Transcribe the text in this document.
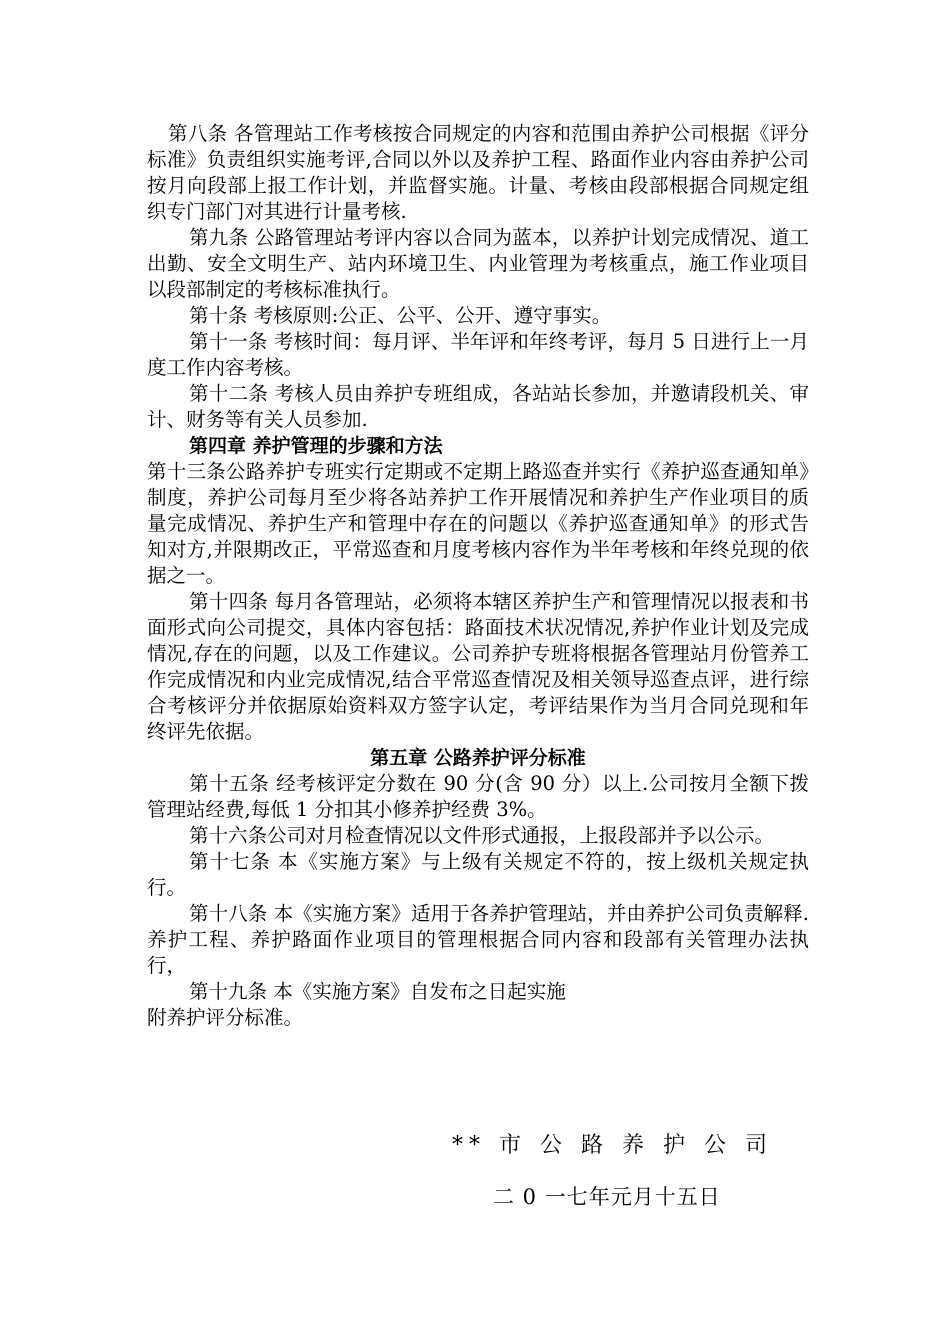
第八条 各管理站工作考核按合同规定的内容和范围由养护公司根据《评分标准》负责组织实施考评,合同以外以及养护工程、路面作业内容由养护公司按月向段部上报工作计划，并监督实施。计量、考核由段部根据合同规定组织专门部门对其进行计量考核.

第九条 公路管理站考评内容以合同为蓝本，以养护计划完成情况、道工出勤、安全文明生产、站内环境卫生、内业管理为考核重点，施工作业项目以段部制定的考核标准执行。

第十条 考核原则:公正、公平、公开、遵守事实。

第十一条 考核时间：每月评、半年评和年终考评，每月 5 日进行上一月度工作内容考核。

第十二条 考核人员由养护专班组成，各站站长参加，并邀请段机关、审计、财务等有关人员参加.

第四章 养护管理的步骤和方法

第十三条公路养护专班实行定期或不定期上路巡查并实行《养护巡查通知单》制度，养护公司每月至少将各站养护工作开展情况和养护生产作业项目的质量完成情况、养护生产和管理中存在的问题以《养护巡查通知单》的形式告知对方,并限期改正，平常巡查和月度考核内容作为半年考核和年终兑现的依据之一。

第十四条 每月各管理站，必须将本辖区养护生产和管理情况以报表和书面形式向公司提交，具体内容包括：路面技术状况情况,养护作业计划及完成情况,存在的问题，以及工作建议。公司养护专班将根据各管理站月份管养工作完成情况和内业完成情况,结合平常巡查情况及相关领导巡查点评，进行综合考核评分并依据原始资料双方签字认定，考评结果作为当月合同兑现和年终评先依据。

第五章 公路养护评分标准

第十五条 经考核评定分数在 90 分(含 90 分）以上.公司按月全额下拨管理站经费,每低 1 分扣其小修养护经费 3%。

第十六条公司对月检查情况以文件形式通报，上报段部并予以公示。

第十七条 本《实施方案》与上级有关规定不符的，按上级机关规定执行。

第十八条 本《实施方案》适用于各养护管理站，并由养护公司负责解释.养护工程、养护路面作业项目的管理根据合同内容和段部有关管理办法执行，

第十九条 本《实施方案》自发布之日起实施

附养护评分标准。

** 市 公 路 养 护 公 司
二 0 一七年元月十五日
